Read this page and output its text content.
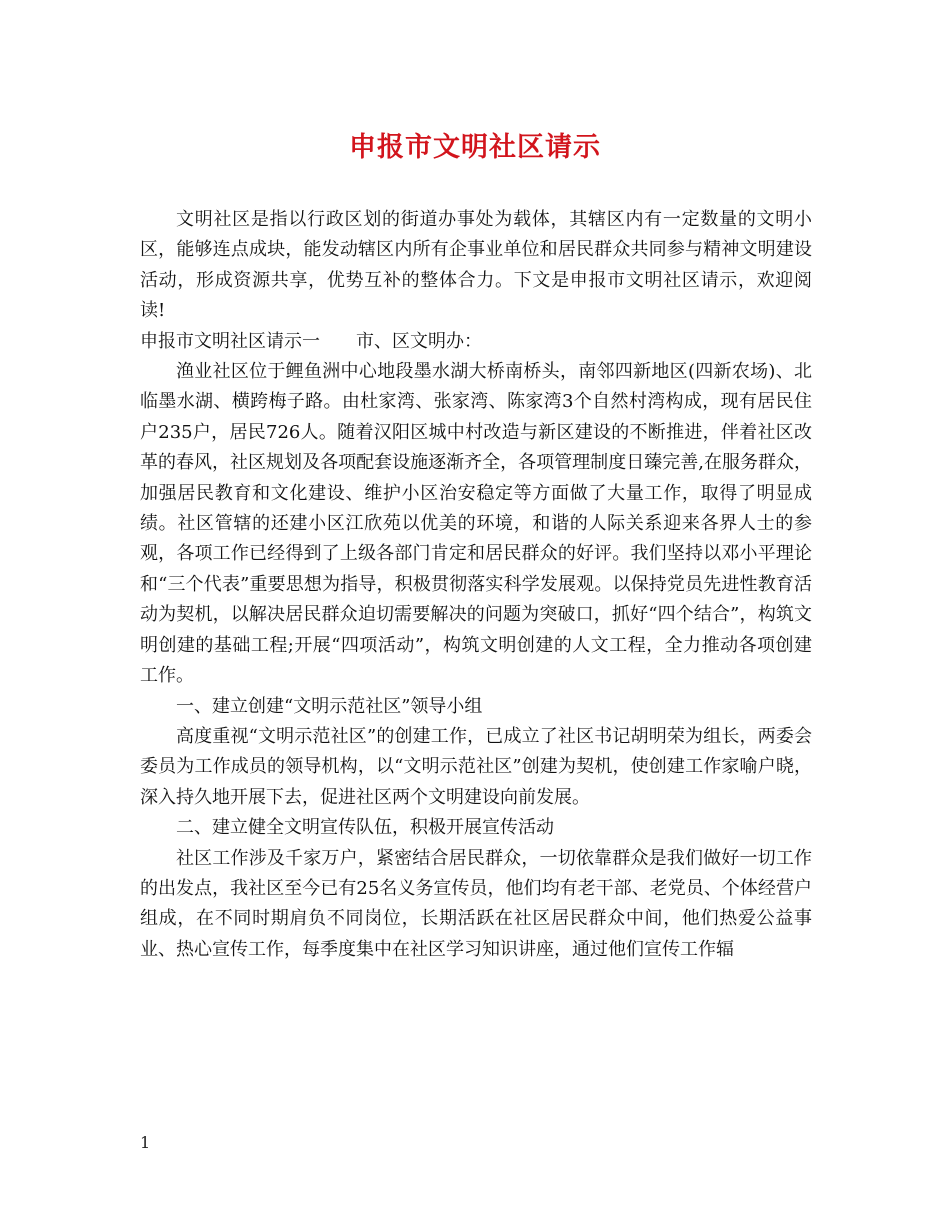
申报市文明社区请示

文明社区是指以行政区划的街道办事处为载体，其辖区内有一定数量的文明小区，能够连点成块，能发动辖区内所有企事业单位和居民群众共同参与精神文明建设活动，形成资源共享，优势互补的整体合力。下文是申报市文明社区请示，欢迎阅读!

申报市文明社区请示一　　市、区文明办：

渔业社区位于鲤鱼洲中心地段墨水湖大桥南桥头，南邻四新地区(四新农场)、北临墨水湖、横跨梅子路。由杜家湾、张家湾、陈家湾3个自然村湾构成，现有居民住户235户，居民726人。随着汉阳区城中村改造与新区建设的不断推进，伴着社区改革的春风，社区规划及各项配套设施逐渐齐全，各项管理制度日臻完善,在服务群众，加强居民教育和文化建设、维护小区治安稳定等方面做了大量工作，取得了明显成绩。社区管辖的还建小区江欣苑以优美的环境，和谐的人际关系迎来各界人士的参观，各项工作已经得到了上级各部门肯定和居民群众的好评。我们坚持以邓小平理论和“三个代表”重要思想为指导，积极贯彻落实科学发展观。以保持党员先进性教育活动为契机，以解决居民群众迫切需要解决的问题为突破口，抓好“四个结合”，构筑文明创建的基础工程;开展“四项活动”，构筑文明创建的人文工程，全力推动各项创建工作。

一、建立创建“文明示范社区”领导小组

高度重视“文明示范社区”的创建工作，已成立了社区书记胡明荣为组长，两委会委员为工作成员的领导机构，以“文明示范社区”创建为契机，使创建工作家喻户晓，深入持久地开展下去，促进社区两个文明建设向前发展。

二、建立健全文明宣传队伍，积极开展宣传活动

社区工作涉及千家万户，紧密结合居民群众，一切依靠群众是我们做好一切工作的出发点，我社区至今已有25名义务宣传员，他们均有老干部、老党员、个体经营户组成，在不同时期肩负不同岗位，长期活跃在社区居民群众中间，他们热爱公益事业、热心宣传工作，每季度集中在社区学习知识讲座，通过他们宣传工作辐

1
